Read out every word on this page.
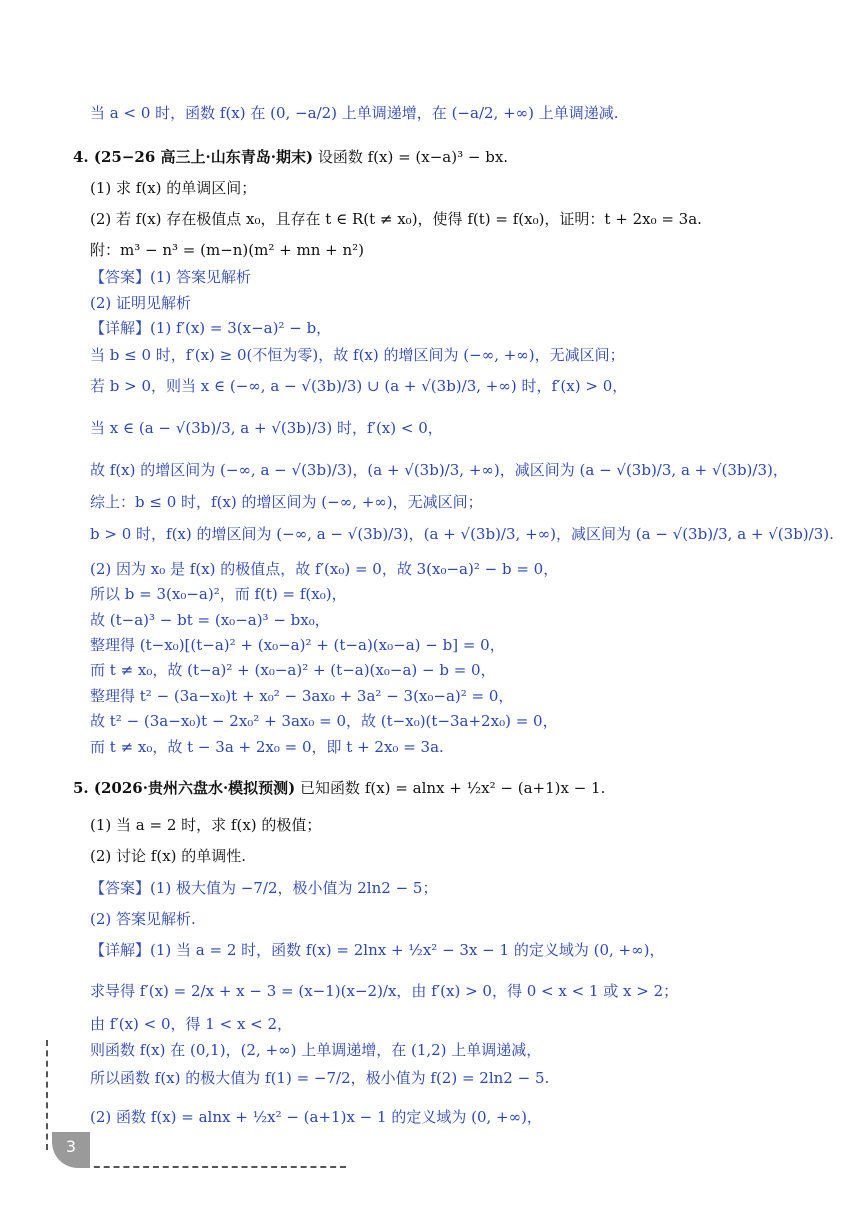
当 a < 0 时，函数 f(x) 在 (0, −a/2) 上单调递增，在 (−a/2, +∞) 上单调递减.
4. (25−26 高三上·山东青岛·期末) 设函数 f(x) = (x−a)³ − bx.
(1) 求 f(x) 的单调区间；
(2) 若 f(x) 存在极值点 x₀，且存在 t ∈ R(t ≠ x₀)，使得 f(t) = f(x₀)，证明：t + 2x₀ = 3a.
附：m³ − n³ = (m−n)(m² + mn + n²)
【答案】(1) 答案见解析
(2) 证明见解析
【详解】(1) f′(x) = 3(x−a)² − b，
当 b ≤ 0 时，f′(x) ≥ 0(不恒为零)，故 f(x) 的增区间为 (−∞, +∞)，无减区间；
若 b > 0，则当 x ∈ (−∞, a − √(3b)/3) ∪ (a + √(3b)/3, +∞) 时，f′(x) > 0，
当 x ∈ (a − √(3b)/3, a + √(3b)/3) 时，f′(x) < 0，
故 f(x) 的增区间为 (−∞, a − √(3b)/3)，(a + √(3b)/3, +∞)，减区间为 (a − √(3b)/3, a + √(3b)/3)，
综上：b ≤ 0 时，f(x) 的增区间为 (−∞, +∞)，无减区间；
b > 0 时，f(x) 的增区间为 (−∞, a − √(3b)/3)，(a + √(3b)/3, +∞)，减区间为 (a − √(3b)/3, a + √(3b)/3).
(2) 因为 x₀ 是 f(x) 的极值点，故 f′(x₀) = 0，故 3(x₀−a)² − b = 0，
所以 b = 3(x₀−a)²，而 f(t) = f(x₀)，
故 (t−a)³ − bt = (x₀−a)³ − bx₀，
整理得 (t−x₀)[(t−a)² + (x₀−a)² + (t−a)(x₀−a) − b] = 0，
而 t ≠ x₀，故 (t−a)² + (x₀−a)² + (t−a)(x₀−a) − b = 0，
整理得 t² − (3a−x₀)t + x₀² − 3ax₀ + 3a² − 3(x₀−a)² = 0，
故 t² − (3a−x₀)t − 2x₀² + 3ax₀ = 0，故 (t−x₀)(t−3a+2x₀) = 0，
而 t ≠ x₀，故 t − 3a + 2x₀ = 0，即 t + 2x₀ = 3a.
5. (2026·贵州六盘水·模拟预测) 已知函数 f(x) = alnx + ½x² − (a+1)x − 1.
(1) 当 a = 2 时，求 f(x) 的极值；
(2) 讨论 f(x) 的单调性.
【答案】(1) 极大值为 −7/2，极小值为 2ln2 − 5；
(2) 答案见解析.
【详解】(1) 当 a = 2 时，函数 f(x) = 2lnx + ½x² − 3x − 1 的定义域为 (0, +∞)，
求导得 f′(x) = 2/x + x − 3 = (x−1)(x−2)/x，由 f′(x) > 0，得 0 < x < 1 或 x > 2；
由 f′(x) < 0，得 1 < x < 2，
则函数 f(x) 在 (0,1)，(2, +∞) 上单调递增，在 (1,2) 上单调递减，
所以函数 f(x) 的极大值为 f(1) = −7/2，极小值为 f(2) = 2ln2 − 5.
(2) 函数 f(x) = alnx + ½x² − (a+1)x − 1 的定义域为 (0, +∞)，
3
